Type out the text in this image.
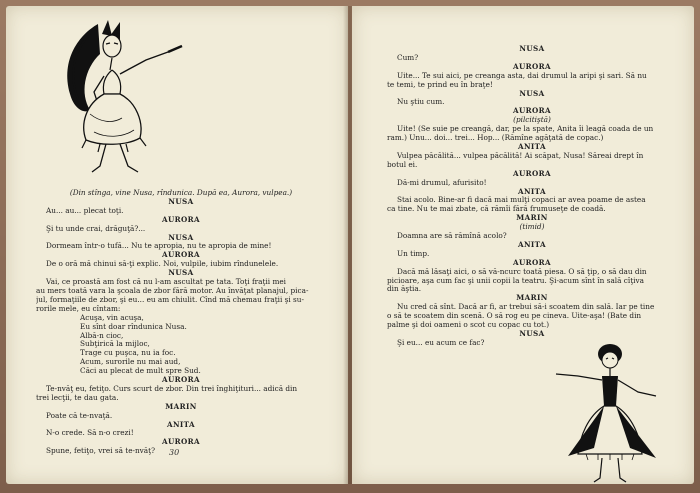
(Din stînga, vine Nusa, rîndunica. După ea, Aurora, vulpea.)
NUSA
Au... au... plecat toţi.
AURORA
Şi tu unde crai, drăguţă?...
NUSA
Dormeam într-o tufă... Nu te apropia, nu te apropia de mine!
AURORA
De o oră mă chinui să-ţi explic. Noi, vulpile, iubim rîndunelele.
NUSA
Vai, ce proastă am fost că nu l-am ascultat pe tata. Toţi fraţii mei
au mers toată vara la şcoala de zbor fără motor. Au învăţat planajul, pica-
jul, formaţiile de zbor, şi eu... eu am chiulit. Cînd mă chemau fraţii şi su-
rorile mele, eu cîntam:
Acuşa, vin acuşa,
Eu sînt doar rîndunica Nusa.
Albă-n cioc,
Subţirică la mijloc,
Trage cu puşca, nu ia foc.
Acum, surorile nu mai aud,
Căci au plecat de mult spre Sud.
AURORA
Te-nvăţ eu, fetiţo. Curs scurt de zbor. Din trei înghiţituri... adică din
trei lecţii, te dau gata.
MARIN
Poate că te-nvaţă.
ANITA
N-o crede. Să n-o crezi!
AURORA
Spune, fetiţo, vrei să te-nvăţ?	30
NUSA
Cum?
AURORA
Uite... Te sui aici, pe creanga asta, dai drumul la aripi şi sari. Să nu
te temi, te prind eu în braţe!
NUSA
Nu ştiu cum.
AURORA
(pilcitiştă)
Uite! (Se suie pe creangă, dar, pe la spate, Anita îi leagă coada de un
ram.) Unu... doi... trei... Hop... (Rămîne agăţată de copac.)
ANITA
Vulpea păcălită... vulpea păcălită! Ai scăpat, Nusa! Săreai drept în
botul ei.
AURORA
Dă-mi drumul, afurisito!
ANITA
Stai acolo. Bine-ar fi dacă mai mulţi copaci ar avea poame de astea
ca tine. Nu te mai zbate, că rămîi fără frumuseţe de coadă.
MARIN
(timid)
Doamna are să rămînă acolo?
ANITA
Un timp.
AURORA
Dacă mă lăsaţi aici, o să vă-ncurc toată piesa. O să ţip, o să dau din
picioare, aşa cum fac şi unii copii la teatru. Şi-acum sînt în sală cîţiva
din ăştia.
MARIN
Nu cred că sînt. Dacă ar fi, ar trebui să-i scoatem din sală. Iar pe tine
o să te scoatem din scenă. O să rog eu pe cineva. Uite-aşa! (Bate din
palme şi doi oameni o scot cu copac cu tot.)
NUSA
Şi eu... eu acum ce fac?
